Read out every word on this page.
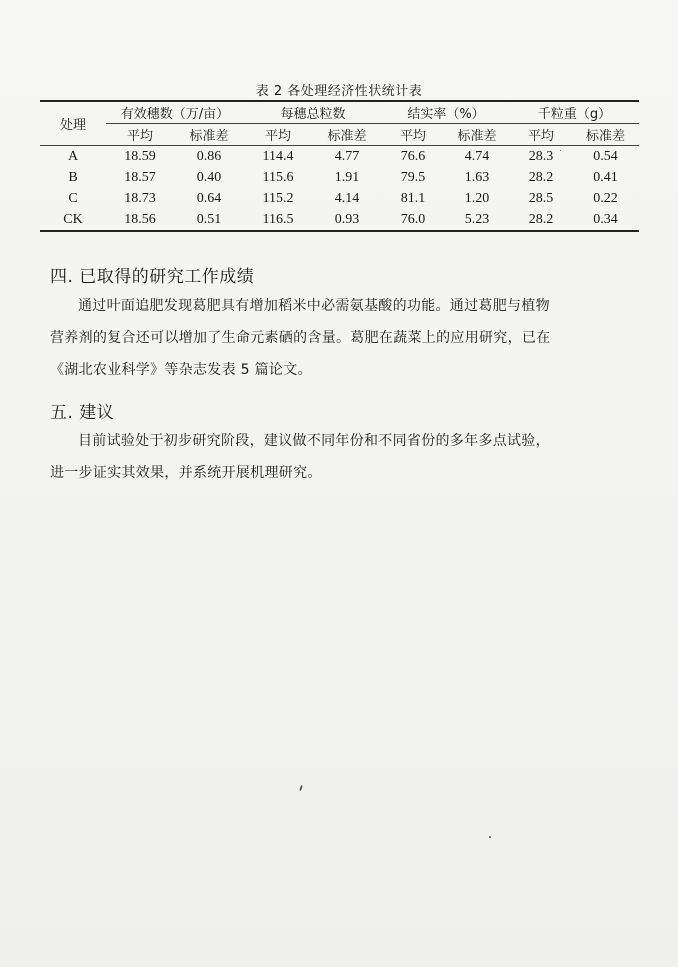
表 2 各处理经济性状统计表
处理	有效穗数（万/亩）		每穗总粒数		结实率（%）		千粒重（g）	
	平均	标准差	平均	标准差	平均	标准差	平均	标准差
A	18.59	0.86	114.4	4.77	76.6	4.74	28.3	0.54
B	18.57	0.40	115.6	1.91	79.5	1.63	28.2	0.41
C	18.73	0.64	115.2	4.14	81.1	1.20	28.5	0.22
CK	18.56	0.51	116.5	0.93	76.0	5.23	28.2	0.34
四. 已取得的研究工作成绩
通过叶面追肥发现葛肥具有增加稻米中必需氨基酸的功能。通过葛肥与植物
营养剂的复合还可以增加了生命元素硒的含量。葛肥在蔬菜上的应用研究，已在
《湖北农业科学》等杂志发表 5 篇论文。
五. 建议
目前试验处于初步研究阶段，建议做不同年份和不同省份的多年多点试验，
进一步证实其效果，并系统开展机理研究。
